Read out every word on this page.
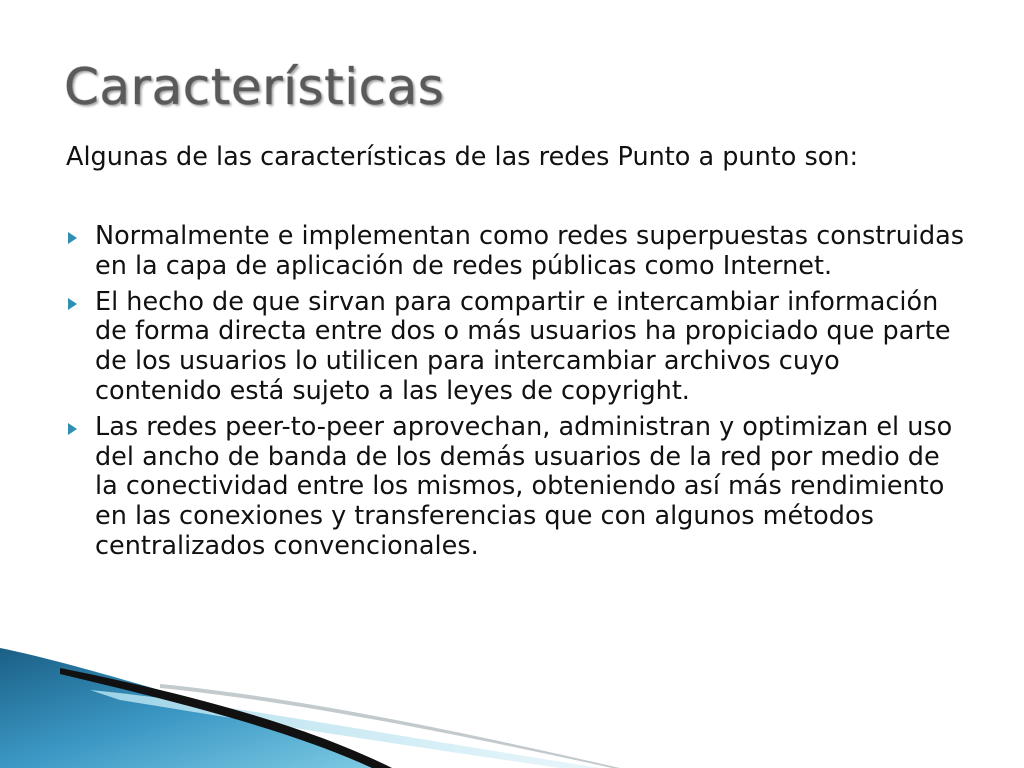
Características

Algunas de las características de las redes Punto a punto son:

Normalmente e implementan como redes superpuestas construidas en la capa de aplicación de redes públicas como Internet.
El hecho de que sirvan para compartir e intercambiar información de forma directa entre dos o más usuarios ha propiciado que parte de los usuarios lo utilicen para intercambiar archivos cuyo contenido está sujeto a las leyes de copyright.
Las redes peer-to-peer aprovechan, administran y optimizan el uso del ancho de banda de los demás usuarios de la red por medio de la conectividad entre los mismos, obteniendo así más rendimiento en las conexiones y transferencias que con algunos métodos centralizados convencionales.
